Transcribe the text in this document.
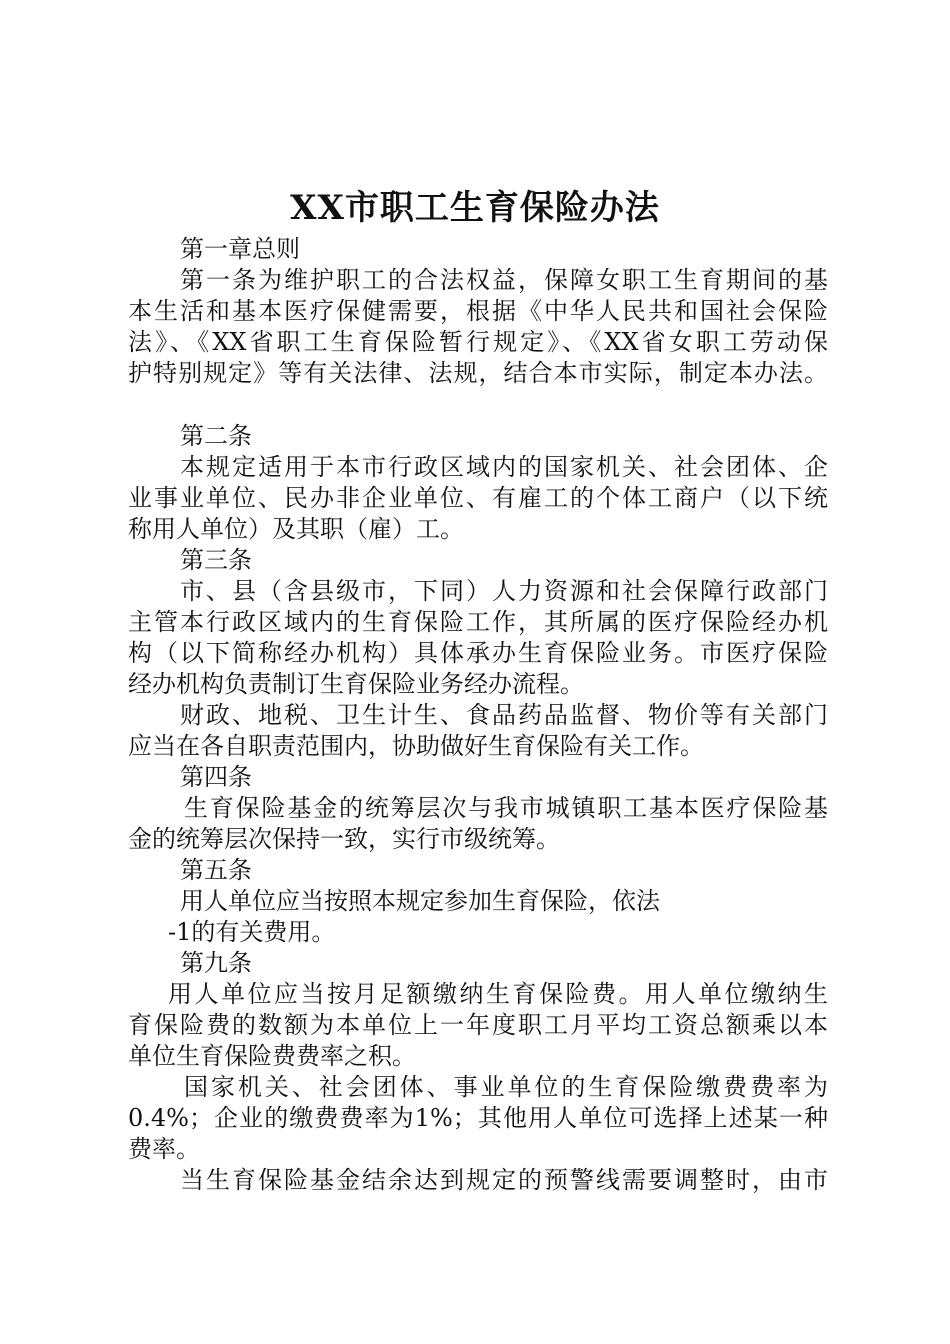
XX市职工生育保险办法
第一章总则
第一条为维护职工的合法权益，保障女职工生育期间的基
本生活和基本医疗保健需要，根据《中华人民共和国社会保险
法》、《XX省职工生育保险暂行规定》、《XX省女职工劳动保
护特别规定》等有关法律、法规，结合本市实际，制定本办法。
第二条
本规定适用于本市行政区域内的国家机关、社会团体、企
业事业单位、民办非企业单位、有雇工的个体工商户（以下统
称用人单位）及其职（雇）工。
第三条
市、县（含县级市，下同）人力资源和社会保障行政部门
主管本行政区域内的生育保险工作，其所属的医疗保险经办机
构（以下简称经办机构）具体承办生育保险业务。市医疗保险
经办机构负责制订生育保险业务经办流程。
财政、地税、卫生计生、食品药品监督、物价等有关部门
应当在各自职责范围内，协助做好生育保险有关工作。
第四条
生育保险基金的统筹层次与我市城镇职工基本医疗保险基
金的统筹层次保持一致，实行市级统筹。
第五条
用人单位应当按照本规定参加生育保险，依法
-1的有关费用。
第九条
用人单位应当按月足额缴纳生育保险费。用人单位缴纳生
育保险费的数额为本单位上一年度职工月平均工资总额乘以本
单位生育保险费费率之积。
国家机关、社会团体、事业单位的生育保险缴费费率为
0.4%；企业的缴费费率为1%；其他用人单位可选择上述某一种
费率。
当生育保险基金结余达到规定的预警线需要调整时，由市
